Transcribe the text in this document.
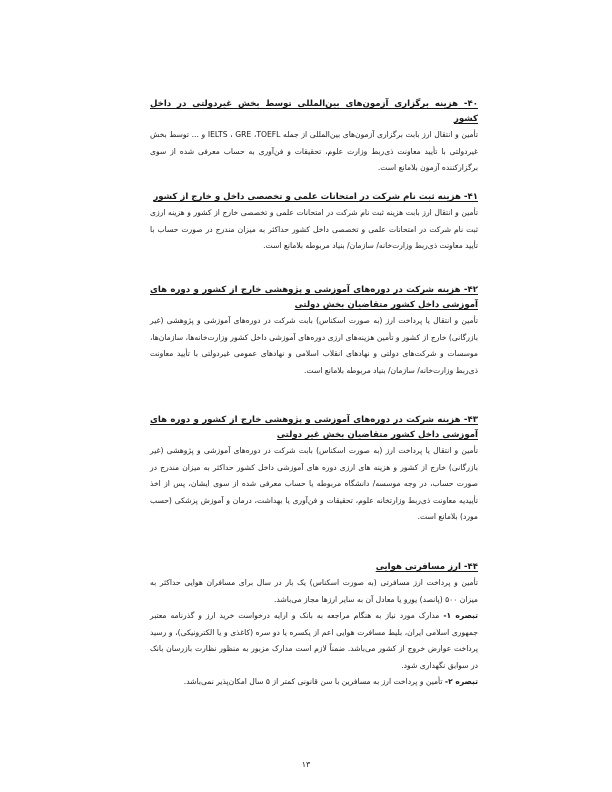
۴۰- هزینه برگزاری آزمون‌های بین‌المللی توسط بخش غیردولتی در داخل کشور

تأمین و انتقال ارز بابت برگزاری آزمون‌های بین‌المللی از جمله IELTS ، GRE ،TOEFL و ... توسط بخش غیردولتی با تأیید معاونت ذی‌ربط وزارت علوم، تحقیقات و فن‌آوری به حساب معرفی شده از سوی برگزارکننده آزمون بلامانع است.

۴۱- هزینه ثبت نام شرکت در امتحانات علمی و تخصصی داخل و خارج از کشور

تأمین و انتقال ارز بابت هزینه ثبت نام شرکت در امتحانات علمی و تخصصی خارج از کشور و هزینه ارزی ثبت نام شرکت در امتحانات علمی و تخصصی داخل کشور حداکثر به میزان مندرج در صورت حساب با تأیید معاونت ذی‌ربط وزارت‌خانه/ سازمان/ بنیاد مربوطه بلامانع است.

۴۲- هزینه شرکت در دوره‌های آموزشی و پژوهشی خارج از کشور و دوره های آموزشی داخل کشور متقاضیان بخش دولتی

تأمین و انتقال یا پرداخت ارز (به صورت اسکناس) بابت شرکت در دوره‌های آموزشی و پژوهشی (غیر بازرگانی) خارج از کشور و تأمین هزینه‌های ارزی دوره‌های آموزشی داخل کشور وزارت‌خانه‌ها، سازمان‌ها، موسسات و شرکت‌های دولتی و نهادهای انقلاب اسلامی و نهادهای عمومی غیردولتی با تأیید معاونت ذی‌ربط وزارت‌خانه/ سازمان/ بنیاد مربوطه بلامانع است.

۴۳- هزینه شرکت در دوره‌های آموزشی و پژوهشی خارج از کشور و دوره های آموزشی داخل کشور متقاضیان بخش غیر دولتی

تأمین و انتقال یا پرداخت ارز (به صورت اسکناس) بابت شرکت در دوره‌های آموزشی و پژوهشی (غیر بازرگانی) خارج از کشور و هزینه های ارزی دوره های آموزشی داخل کشور حداکثر به میزان مندرج در صورت حساب، در وجه موسسه/ دانشگاه مربوطه یا حساب معرفی شده از سوی ایشان، پس از اخذ تأییدیه معاونت ذی‌ربط وزارتخانه علوم، تحقیقات و فن‌آوری یا بهداشت، درمان و آموزش پزشکی (حسب مورد) بلامانع است.

۴۴- ارز مسافرتی هوایی

تأمین و پرداخت ارز مسافرتی (به صورت اسکناس) یک بار در سال برای مسافران هوایی حداکثر به میزان ۵۰۰ (پانصد) یورو یا معادل آن به سایر ارزها مجاز می‌باشد.

تبصره ۱- مدارک مورد نیاز به هنگام مراجعه به بانک و ارایه درخواست خرید ارز و گذرنامه معتبر جمهوری اسلامی ایران، بلیط مسافرت هوایی اعم از یکسره یا دو سره (کاغذی و یا الکترونیکی)، و رسید پرداخت عوارض خروج از کشور می‌باشد. ضمناً لازم است مدارک مزبور به منظور نظارت بازرسان بانک در سوابق نگهداری شود.

تبصره ۲- تأمین و پرداخت ارز به مسافرین با سن قانونی کمتر از ۵ سال امکان‌پذیر نمی‌باشد.

۱۳
